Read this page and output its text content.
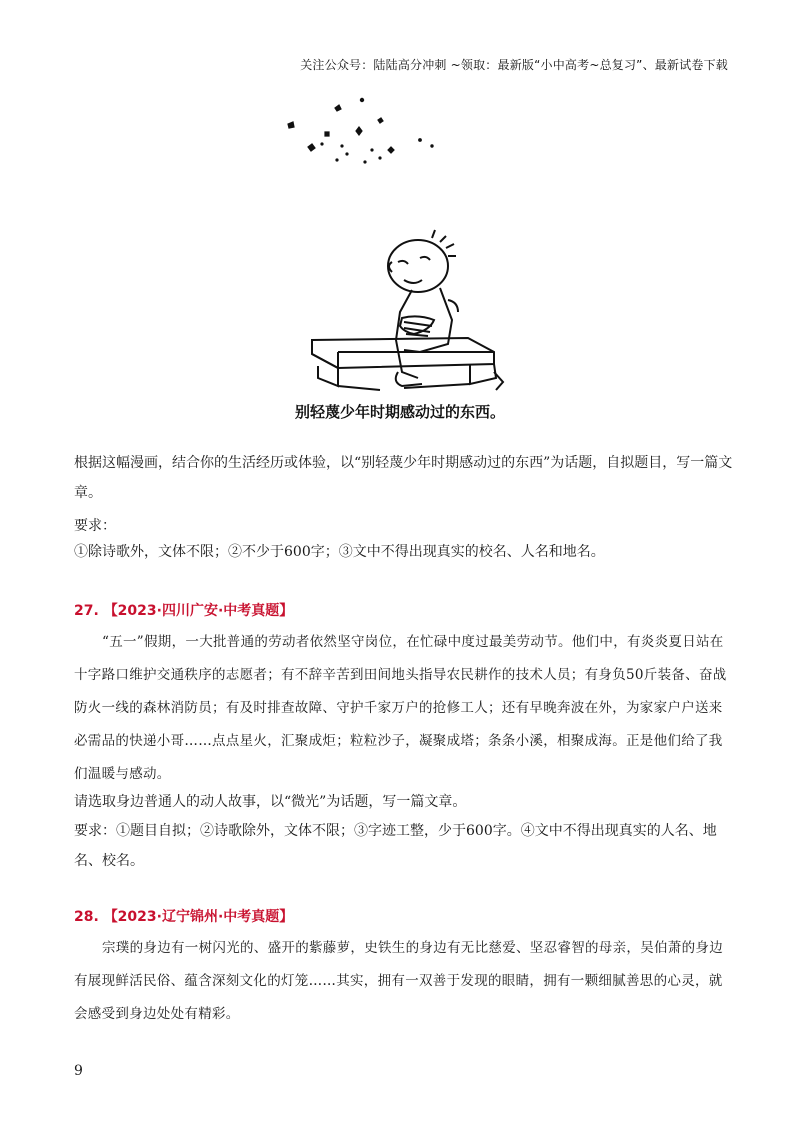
关注公众号：陆陆高分冲刺 ~领取：最新版“小中高考~总复习”、最新试卷下载
别轻蔑少年时期感动过的东西。

根据这幅漫画，结合你的生活经历或体验，以“别轻蔑少年时期感动过的东西”为话题，自拟题目，写一篇文章。

要求：

①除诗歌外，文体不限；②不少于600字；③文中不得出现真实的校名、人名和地名。

27. 【2023·四川广安·中考真题】

“五一”假期，一大批普通的劳动者依然坚守岗位，在忙碌中度过最美劳动节。他们中，有炎炎夏日站在十字路口维护交通秩序的志愿者；有不辞辛苦到田间地头指导农民耕作的技术人员；有身负50斤装备、奋战防火一线的森林消防员；有及时排查故障、守护千家万户的抢修工人；还有早晚奔波在外，为家家户户送来必需品的快递小哥……点点星火，汇聚成炬；粒粒沙子，凝聚成塔；条条小溪，相聚成海。正是他们给了我们温暖与感动。

请选取身边普通人的动人故事，以“微光”为话题，写一篇文章。

要求：①题目自拟；②诗歌除外，文体不限；③字迹工整，少于600字。④文中不得出现真实的人名、地名、校名。

28. 【2023·辽宁锦州·中考真题】

宗璞的身边有一树闪光的、盛开的紫藤萝，史铁生的身边有无比慈爱、坚忍睿智的母亲，吴伯萧的身边有展现鲜活民俗、蕴含深刻文化的灯笼……其实，拥有一双善于发现的眼睛，拥有一颗细腻善思的心灵，就会感受到身边处处有精彩。

9
